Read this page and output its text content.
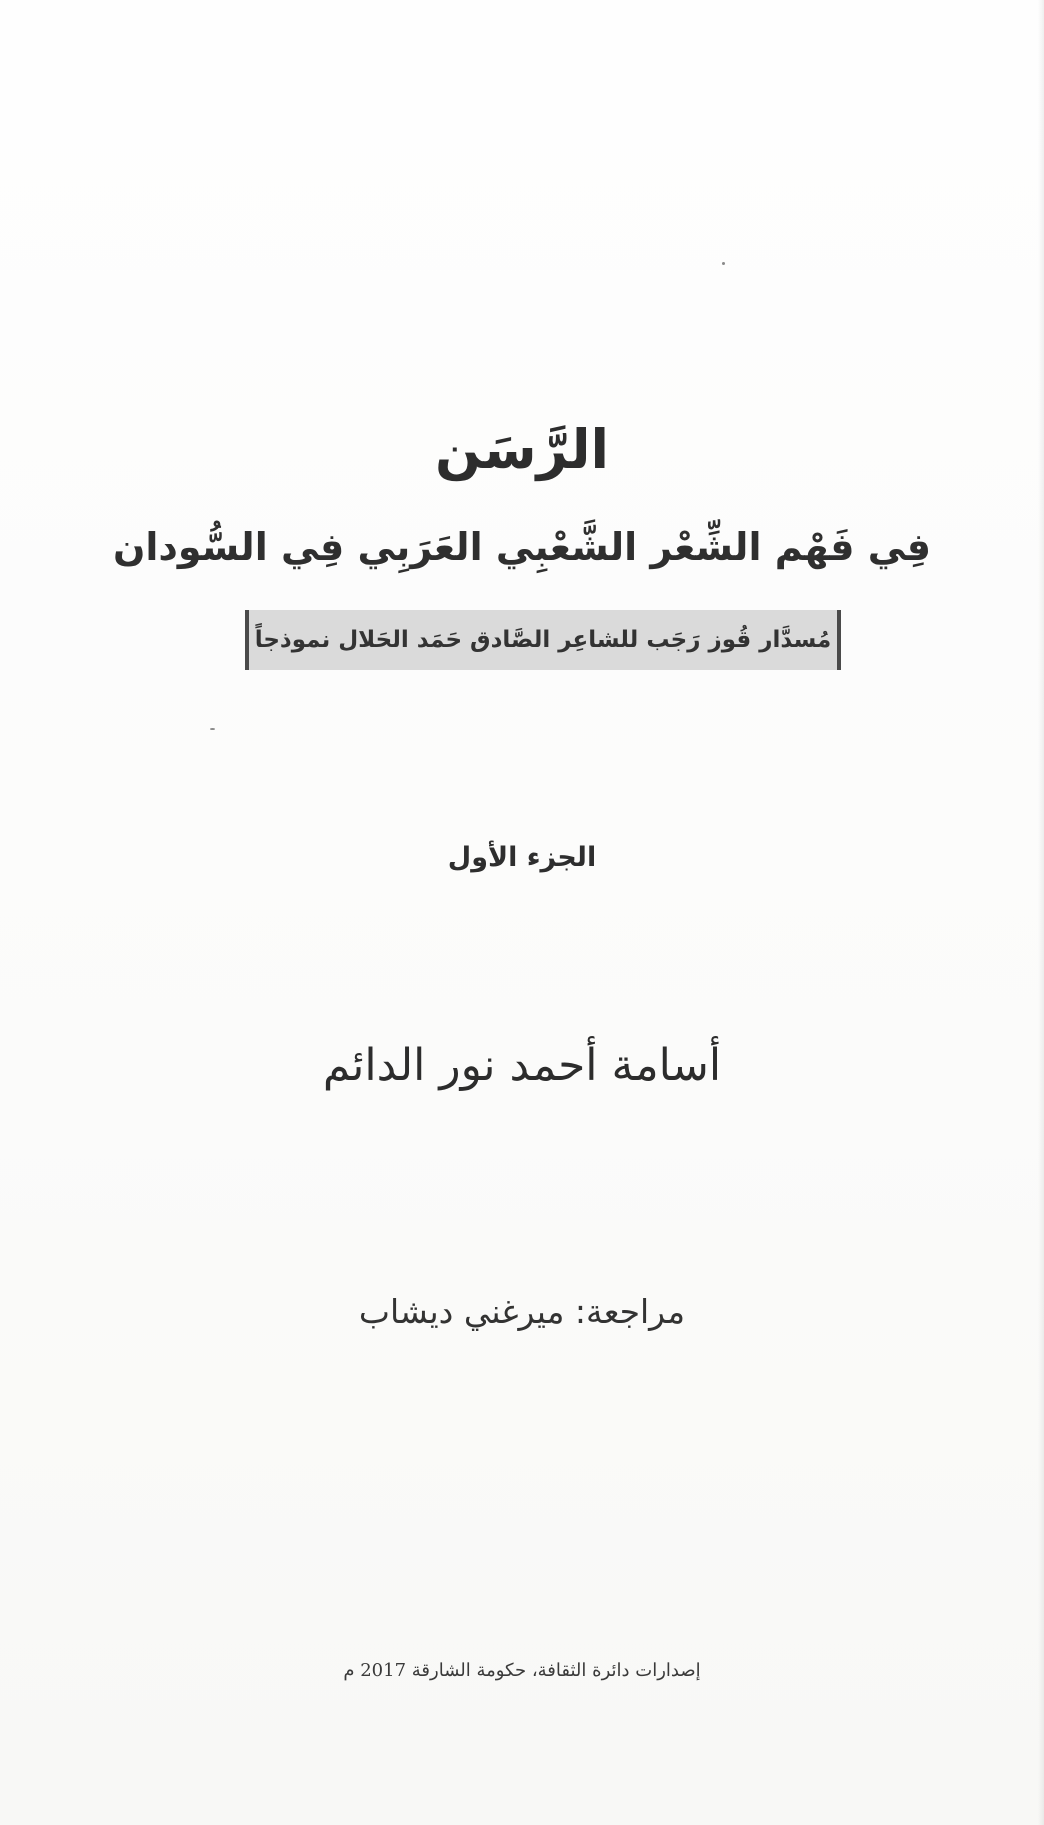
الرَّسَن
فِي فَهْم الشِّعْر الشَّعْبِي العَرَبِي فِي السُّودان
مُسدَّار قُوز رَجَب للشاعِر الصَّادق حَمَد الحَلال نموذجاً
الجزء الأول
أسامة أحمد نور الدائم
مراجعة: ميرغني ديشاب
إصدارات دائرة الثقافة، حكومة الشارقة 2017 م
